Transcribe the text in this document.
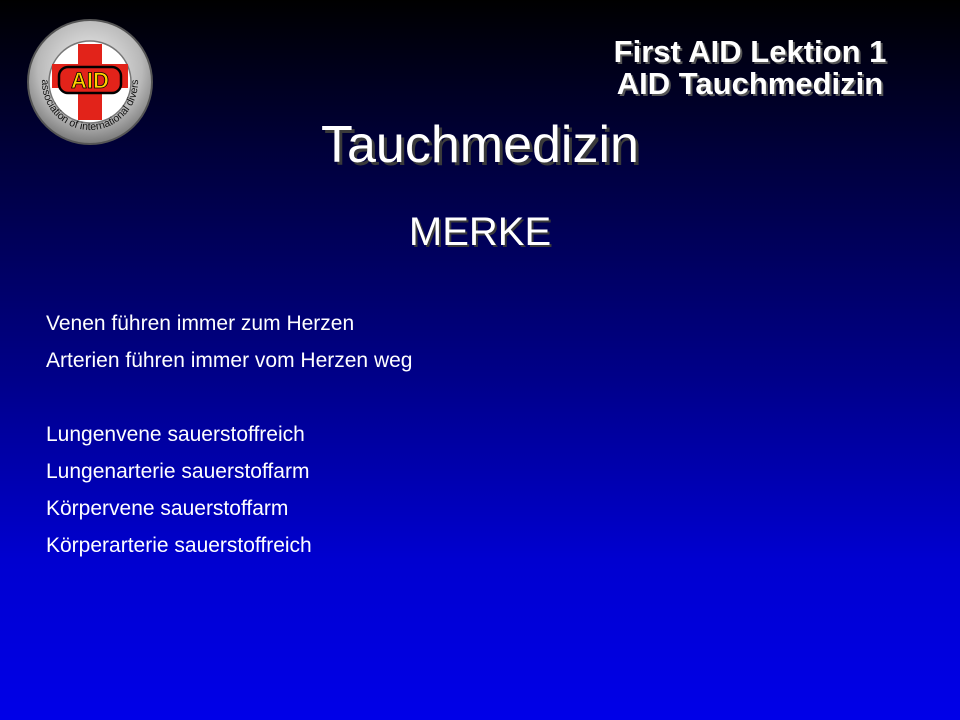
AID
association of international divers
First AID Lektion 1
AID Tauchmedizin
Tauchmedizin
MERKE
Venen führen immer zum Herzen
Arterien führen immer vom Herzen weg
Lungenvene sauerstoffreich
Lungenarterie sauerstoffarm
Körpervene sauerstoffarm
Körperarterie sauerstoffreich
